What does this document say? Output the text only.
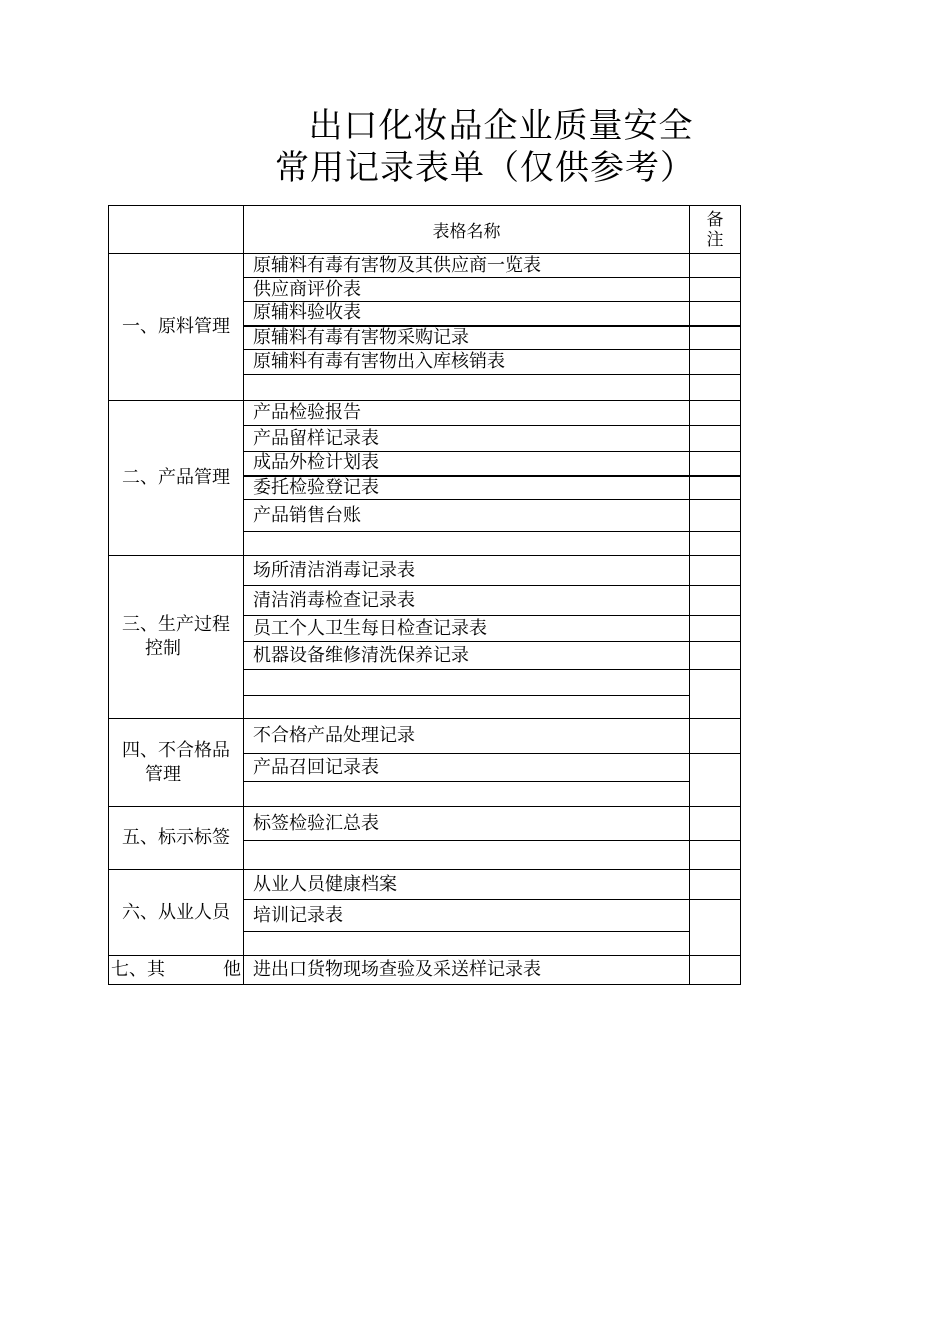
出口化妆品企业质量安全
常用记录表单（仅供参考）
	表格名称	备
注

一、原料管理	原辅料有毒有害物及其供应商一览表	
	供应商评价表	
	原辅料验收表	
	原辅料有毒有害物采购记录	
	原辅料有毒有害物出入库核销表	

二、产品管理	产品检验报告	
	产品留样记录表	
	成品外检计划表	
	委托检验登记表	
	产品销售台账	

三、生产过程
控制	场所清洁消毒记录表	
	清洁消毒检查记录表	
	员工个人卫生每日检查记录表	
	机器设备维修清洗保养记录	

四、不合格品
管理	不合格产品处理记录	
	产品召回记录表	

五、标示标签	标签检验汇总表	

六、从业人员	从业人员健康档案	
	培训记录表	

七、其 他	进出口货物现场查验及采送样记录表	
